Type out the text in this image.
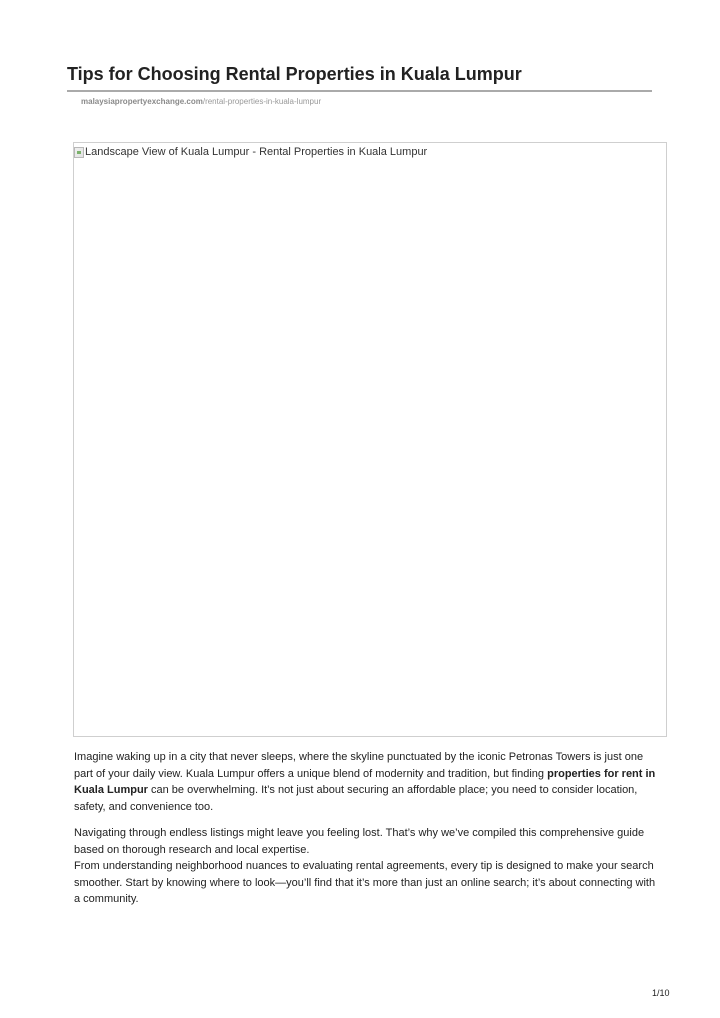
Tips for Choosing Rental Properties in Kuala Lumpur
malaysiapropertyexchange.com/rental-properties-in-kuala-lumpur
Landscape View of Kuala Lumpur - Rental Properties in Kuala Lumpur

Imagine waking up in a city that never sleeps, where the skyline punctuated by the iconic Petronas Towers is just one part of your daily view. Kuala Lumpur offers a unique blend of modernity and tradition, but finding properties for rent in Kuala Lumpur can be overwhelming. It’s not just about securing an affordable place; you need to consider location, safety, and convenience too.

Navigating through endless listings might leave you feeling lost. That’s why we’ve compiled this comprehensive guide based on thorough research and local expertise.
From understanding neighborhood nuances to evaluating rental agreements, every tip is designed to make your search smoother. Start by knowing where to look—you’ll find that it’s more than just an online search; it’s about connecting with a community.

1/10
